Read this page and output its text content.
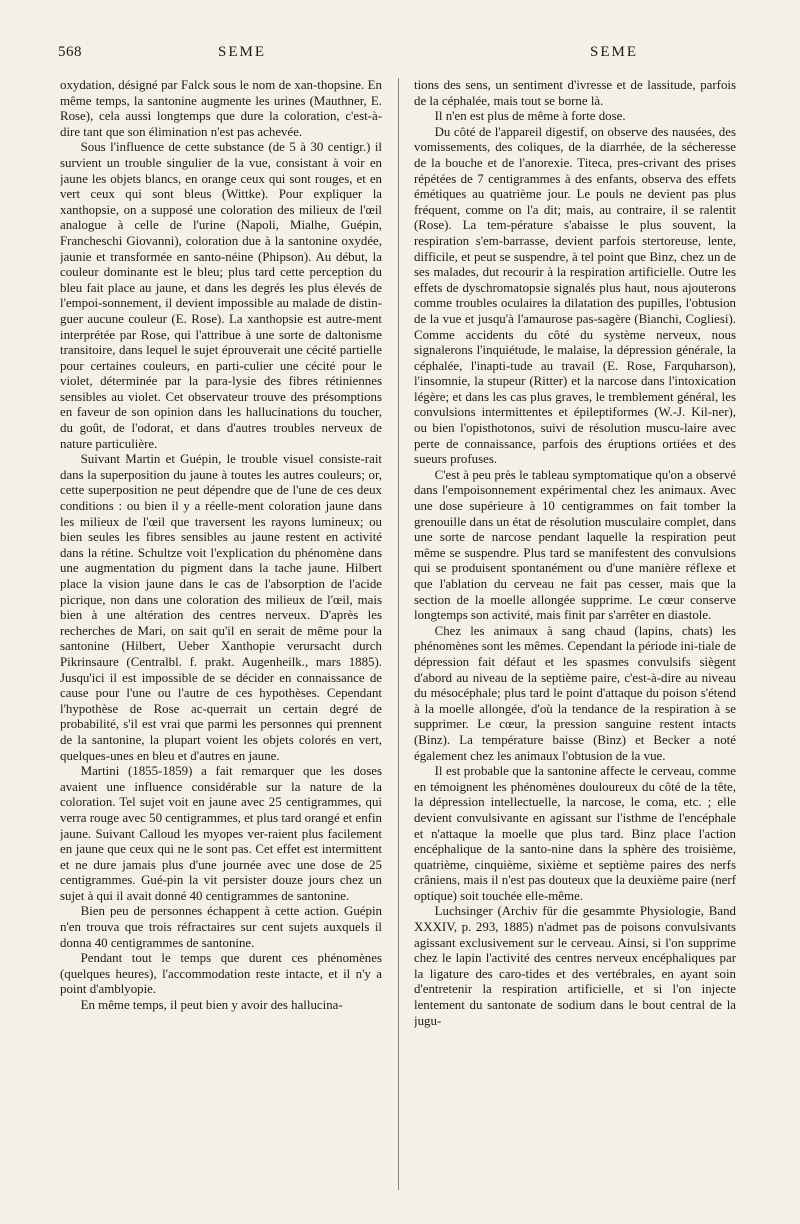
568	SEME	SEME

oxydation, désigné par Falck sous le nom de xan-thopsine. En même temps, la santonine augmente les urines (Mauthner, E. Rose), cela aussi longtemps que dure la coloration, c'est-à-dire tant que son élimination n'est pas achevée.

Sous l'influence de cette substance (de 5 à 30 centigr.) il survient un trouble singulier de la vue, consistant à voir en jaune les objets blancs, en orange ceux qui sont rouges, et en vert ceux qui sont bleus (Wittke). Pour expliquer la xanthopsie, on a supposé une coloration des milieux de l'œil analogue à celle de l'urine (Napoli, Mialhe, Guépin, Francheschi Giovanni), coloration due à la santonine oxydée, jaunie et transformée en santo-néine (Phipson). Au début, la couleur dominante est le bleu; plus tard cette perception du bleu fait place au jaune, et dans les degrés les plus élevés de l'empoi-sonnement, il devient impossible au malade de distin-guer aucune couleur (E. Rose). La xanthopsie est autre-ment interprétée par Rose, qui l'attribue à une sorte de daltonisme transitoire, dans lequel le sujet éprouverait une cécité partielle pour certaines couleurs, en parti-culier une cécité pour le violet, déterminée par la para-lysie des fibres rétiniennes sensibles au violet. Cet observateur trouve des présomptions en faveur de son opinion dans les hallucinations du toucher, du goût, de l'odorat, et dans d'autres troubles nerveux de nature particulière.

Suivant Martin et Guépin, le trouble visuel consiste-rait dans la superposition du jaune à toutes les autres couleurs; or, cette superposition ne peut dépendre que de l'une de ces deux conditions : ou bien il y a réelle-ment coloration jaune dans les milieux de l'œil que traversent les rayons lumineux; ou bien seules les fibres sensibles au jaune restent en activité dans la rétine. Schultze voit l'explication du phénomène dans une augmentation du pigment dans la tache jaune. Hilbert place la vision jaune dans le cas de l'absorption de l'acide picrique, non dans une coloration des milieux de l'œil, mais bien à une altération des centres nerveux. D'après les recherches de Mari, on sait qu'il en serait de même pour la santonine (Hilbert, Ueber Xanthopie verursacht durch Pikrinsaure (Centralbl. f. prakt. Augenheilk., mars 1885). Jusqu'ici il est impossible de se décider en connaissance de cause pour l'une ou l'autre de ces hypothèses. Cependant l'hypothèse de Rose ac-querrait un certain degré de probabilité, s'il est vrai que parmi les personnes qui prennent de la santonine, la plupart voient les objets colorés en vert, quelques-unes en bleu et d'autres en jaune.

Martini (1855-1859) a fait remarquer que les doses avaient une influence considérable sur la nature de la coloration. Tel sujet voit en jaune avec 25 centigrammes, qui verra rouge avec 50 centigrammes, et plus tard orangé et enfin jaune. Suivant Calloud les myopes ver-raient plus facilement en jaune que ceux qui ne le sont pas. Cet effet est intermittent et ne dure jamais plus d'une journée avec une dose de 25 centigrammes. Gué-pin la vit persister douze jours chez un sujet à qui il avait donné 40 centigrammes de santonine.

Bien peu de personnes échappent à cette action. Guépin n'en trouva que trois réfractaires sur cent sujets auxquels il donna 40 centigrammes de santonine.

Pendant tout le temps que durent ces phénomènes (quelques heures), l'accommodation reste intacte, et il n'y a point d'amblyopie.

En même temps, il peut bien y avoir des hallucina-

tions des sens, un sentiment d'ivresse et de lassitude, parfois de la céphalée, mais tout se borne là.

Il n'en est plus de même à forte dose.

Du côté de l'appareil digestif, on observe des nausées, des vomissements, des coliques, de la diarrhée, de la sécheresse de la bouche et de l'anorexie. Titeca, pres-crivant des prises répétées de 7 centigrammes à des enfants, observa des effets émétiques au quatrième jour. Le pouls ne devient pas plus fréquent, comme on l'a dit; mais, au contraire, il se ralentit (Rose). La tem-pérature s'abaisse le plus souvent, la respiration s'em-barrasse, devient parfois stertoreuse, lente, difficile, et peut se suspendre, à tel point que Binz, chez un de ses malades, dut recourir à la respiration artificielle. Outre les effets de dyschromatopsie signalés plus haut, nous ajouterons comme troubles oculaires la dilatation des pupilles, l'obtusion de la vue et jusqu'à l'amaurose pas-sagère (Bianchi, Cogliesi). Comme accidents du côté du système nerveux, nous signalerons l'inquiétude, le malaise, la dépression générale, la céphalée, l'inapti-tude au travail (E. Rose, Farquharson), l'insomnie, la stupeur (Ritter) et la narcose dans l'intoxication légère; et dans les cas plus graves, le tremblement général, les convulsions intermittentes et épileptiformes (W.-J. Kil-ner), ou bien l'opisthotonos, suivi de résolution muscu-laire avec perte de connaissance, parfois des éruptions ortiées et des sueurs profuses.

C'est à peu près le tableau symptomatique qu'on a observé dans l'empoisonnement expérimental chez les animaux. Avec une dose supérieure à 10 centigrammes on fait tomber la grenouille dans un état de résolution musculaire complet, dans une sorte de narcose pendant laquelle la respiration peut même se suspendre. Plus tard se manifestent des convulsions qui se produisent spontanément ou d'une manière réflexe et que l'ablation du cerveau ne fait pas cesser, mais que la section de la moelle allongée supprime. Le cœur conserve longtemps son activité, mais finit par s'arrêter en diastole.

Chez les animaux à sang chaud (lapins, chats) les phénomènes sont les mêmes. Cependant la période ini-tiale de dépression fait défaut et les spasmes convulsifs siègent d'abord au niveau de la septième paire, c'est-à-dire au niveau du mésocéphale; plus tard le point d'attaque du poison s'étend à la moelle allongée, d'où la tendance de la respiration à se supprimer. Le cœur, la pression sanguine restent intacts (Binz). La température baisse (Binz) et Becker a noté également chez les animaux l'obtusion de la vue.

Il est probable que la santonine affecte le cerveau, comme en témoignent les phénomènes douloureux du côté de la tête, la dépression intellectuelle, la narcose, le coma, etc. ; elle devient convulsivante en agissant sur l'isthme de l'encéphale et n'attaque la moelle que plus tard. Binz place l'action encéphalique de la santo-nine dans la sphère des troisième, quatrième, cinquième, sixième et septième paires des nerfs crâniens, mais il n'est pas douteux que la deuxième paire (nerf optique) soit touchée elle-même.

Luchsinger (Archiv für die gesammte Physiologie, Band XXXIV, p. 293, 1885) n'admet pas de poisons convulsivants agissant exclusivement sur le cerveau. Ainsi, si l'on supprime chez le lapin l'activité des centres nerveux encéphaliques par la ligature des caro-tides et des vertébrales, en ayant soin d'entretenir la respiration artificielle, et si l'on injecte lentement du santonate de sodium dans le bout central de la jugu-
